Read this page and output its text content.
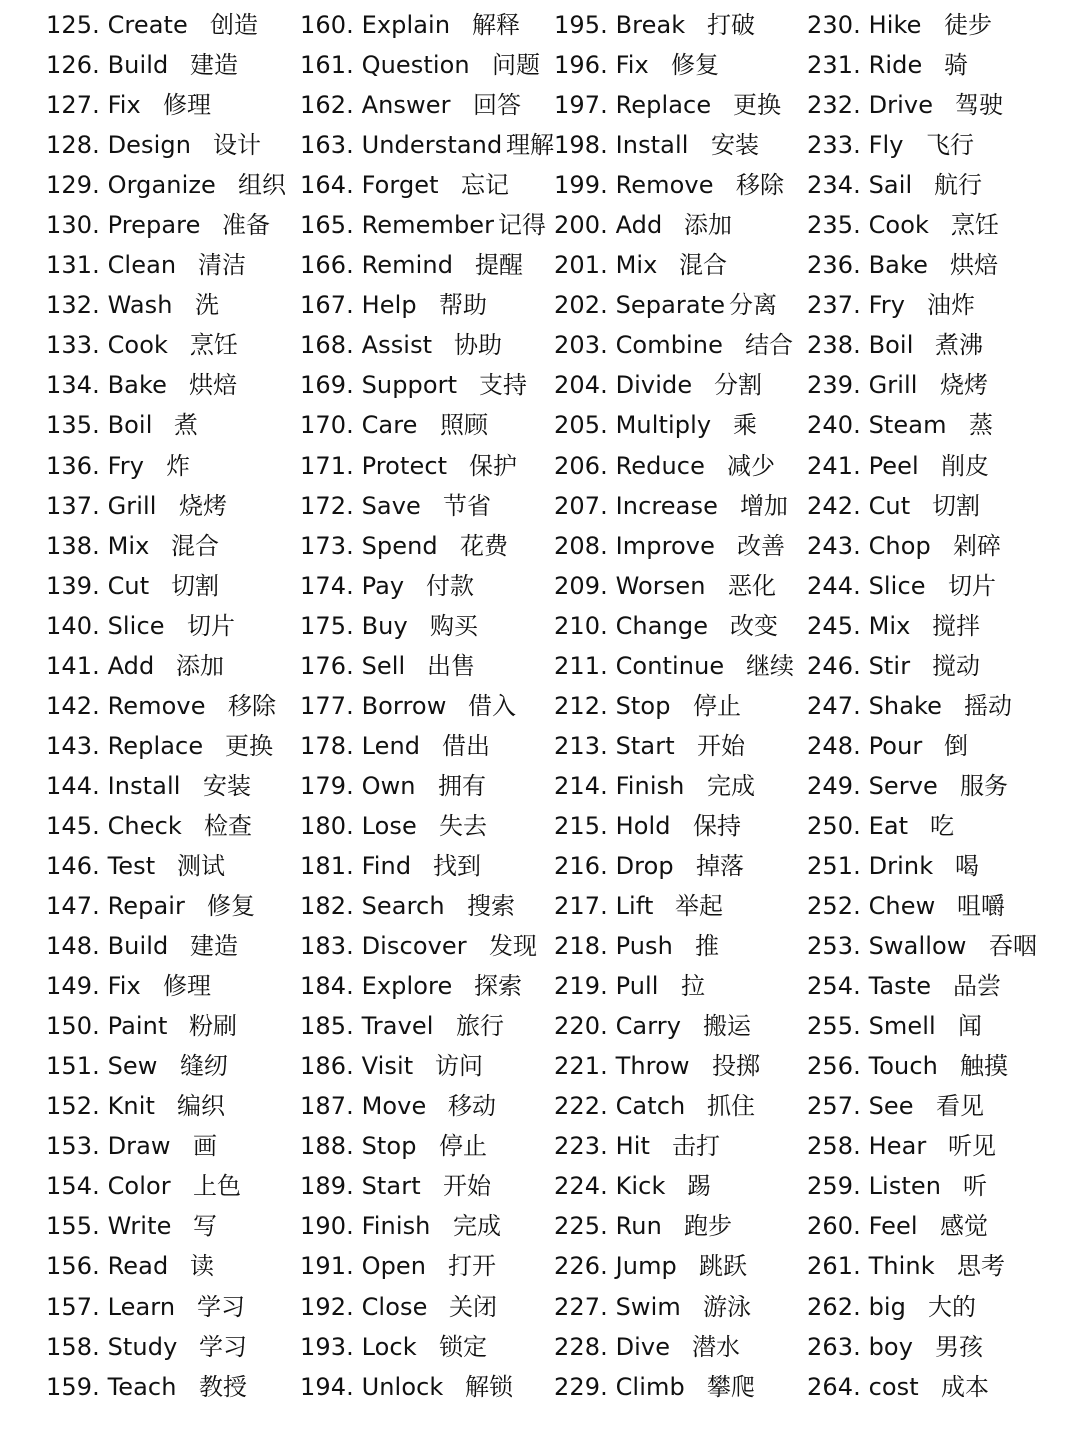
125. Create 创造
126. Build 建造
127. Fix 修理
128. Design 设计
129. Organize 组织
130. Prepare 准备
131. Clean 清洁
132. Wash 洗
133. Cook 烹饪
134. Bake 烘焙
135. Boil 煮
136. Fry 炸
137. Grill 烧烤
138. Mix 混合
139. Cut 切割
140. Slice 切片
141. Add 添加
142. Remove 移除
143. Replace 更换
144. Install 安装
145. Check 检查
146. Test 测试
147. Repair 修复
148. Build 建造
149. Fix 修理
150. Paint 粉刷
151. Sew 缝纫
152. Knit 编织
153. Draw 画
154. Color 上色
155. Write 写
156. Read 读
157. Learn 学习
158. Study 学习
159. Teach 教授
160. Explain 解释
161. Question 问题
162. Answer 回答
163. Understand 理解
164. Forget 忘记
165. Remember 记得
166. Remind 提醒
167. Help 帮助
168. Assist 协助
169. Support 支持
170. Care 照顾
171. Protect 保护
172. Save 节省
173. Spend 花费
174. Pay 付款
175. Buy 购买
176. Sell 出售
177. Borrow 借入
178. Lend 借出
179. Own 拥有
180. Lose 失去
181. Find 找到
182. Search 搜索
183. Discover 发现
184. Explore 探索
185. Travel 旅行
186. Visit 访问
187. Move 移动
188. Stop 停止
189. Start 开始
190. Finish 完成
191. Open 打开
192. Close 关闭
193. Lock 锁定
194. Unlock 解锁
195. Break 打破
196. Fix 修复
197. Replace 更换
198. Install 安装
199. Remove 移除
200. Add 添加
201. Mix 混合
202. Separate 分离
203. Combine 结合
204. Divide 分割
205. Multiply 乘
206. Reduce 减少
207. Increase 增加
208. Improve 改善
209. Worsen 恶化
210. Change 改变
211. Continue 继续
212. Stop 停止
213. Start 开始
214. Finish 完成
215. Hold 保持
216. Drop 掉落
217. Lift 举起
218. Push 推
219. Pull 拉
220. Carry 搬运
221. Throw 投掷
222. Catch 抓住
223. Hit 击打
224. Kick 踢
225. Run 跑步
226. Jump 跳跃
227. Swim 游泳
228. Dive 潜水
229. Climb 攀爬
230. Hike 徒步
231. Ride 骑
232. Drive 驾驶
233. Fly 飞行
234. Sail 航行
235. Cook 烹饪
236. Bake 烘焙
237. Fry 油炸
238. Boil 煮沸
239. Grill 烧烤
240. Steam 蒸
241. Peel 削皮
242. Cut 切割
243. Chop 剁碎
244. Slice 切片
245. Mix 搅拌
246. Stir 搅动
247. Shake 摇动
248. Pour 倒
249. Serve 服务
250. Eat 吃
251. Drink 喝
252. Chew 咀嚼
253. Swallow 吞咽
254. Taste 品尝
255. Smell 闻
256. Touch 触摸
257. See 看见
258. Hear 听见
259. Listen 听
260. Feel 感觉
261. Think 思考
262. big 大的
263. boy 男孩
264. cost 成本
